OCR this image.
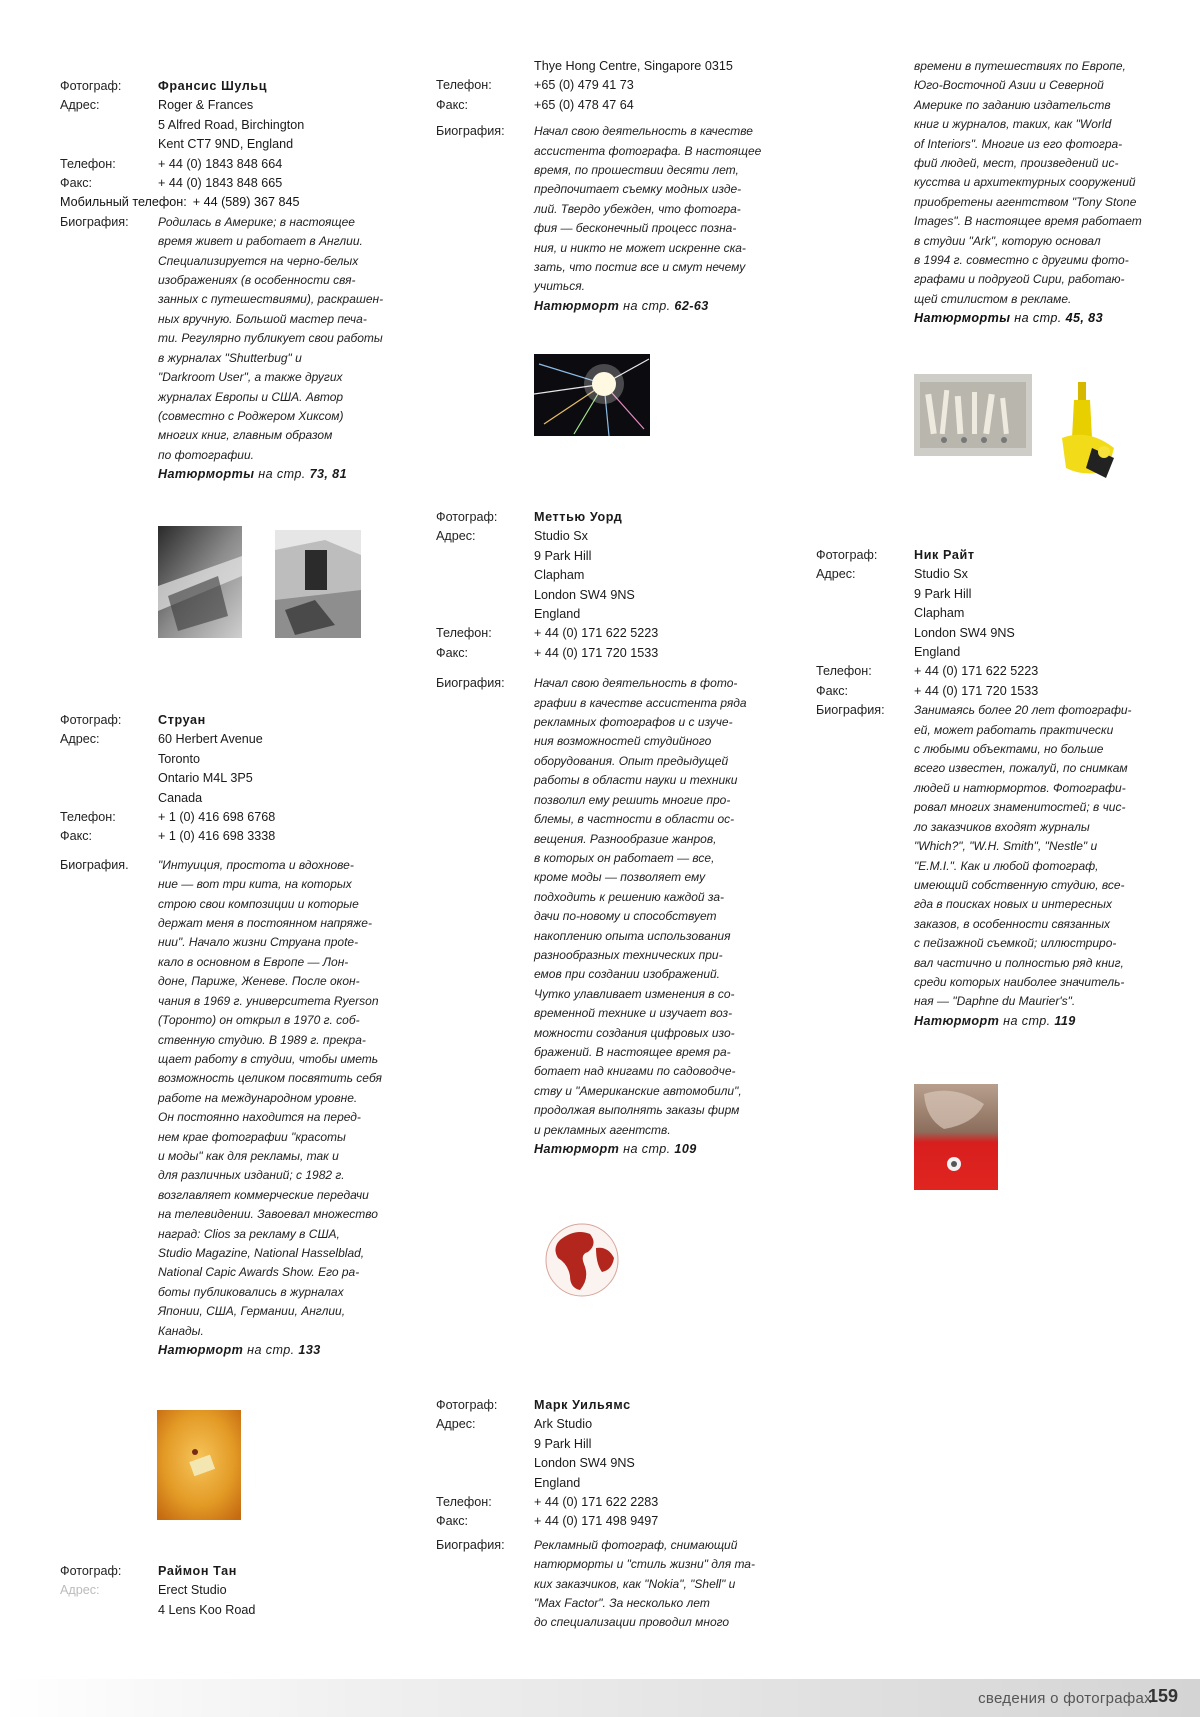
Фотограф:	Франсис Шульц
Адрес:	Roger & Frances
5 Alfred Road, Birchington
Kent CT7 9ND, England
Телефон:	+ 44 (0) 1843 848 664
Факс:	+ 44 (0) 1843 848 665
Мобильный телефон: + 44 (589) 367 845
Биография:	Родилась в Америке; в настоящее
время живет и работает в Англии.
Специализируется на черно-белых
изображениях (в особенности свя-
занных с путешествиями), раскрашен-
ных вручную. Большой мастер печа-
ти. Регулярно публикует свои работы
в журналах "Shutterbug" и
"Darkroom User", а также других
журналах Европы и США. Автор
(совместно с Роджером Хиксом)
многих книг, главным образом
по фотографии.
Натюрморты на стр. 73, 81
Фотограф:	Струан
Адрес:	60 Herbert Avenue
Toronto
Ontario M4L 3P5
Canada
Телефон:	+ 1 (0) 416 698 6768
Факс:	+ 1 (0) 416 698 3338
Биография.	"Интуиция, простота и вдохнове-
ние — вот три кита, на которых
строю свои композиции и которые
держат меня в постоянном напряже-
нии". Начало жизни Струана прote-
кало в основном в Европе — Лон-
доне, Париже, Женеве. После окон-
чания в 1969 г. университета Ryerson
(Торонто) он открыл в 1970 г. соб-
ственную студию. В 1989 г. прекра-
щает работу в студии, чтобы иметь
возможность целиком посвятить себя
работе на международном уровне.
Он постоянно находится на перед-
нем крае фотографии "красоты
и моды" как для рекламы, так и
для различных изданий; с 1982 г.
возглавляет коммерческие передачи
на телевидении. Завоевал множество
наград: Clios за рекламу в США,
Studio Magazine, National Hasselblad,
National Capic Awards Show. Его ра-
боты публиковались в журналах
Японии, США, Германии, Англии,
Канады.
Натюрморт на стр. 133
Фотограф:	Раймон Тан
Адрес:	Erect Studio
4 Lens Koo Road
Thye Hong Centre, Singapore 0315
Телефон:	+65 (0) 479 41 73
Факс:	+65 (0) 478 47 64
Биография:	Начал свою деятельность в качестве
ассистента фотографа. В настоящее
время, по прошествии десяти лет,
предпочитает съемку модных изде-
лий. Твердо убежден, что фотогра-
фия — бесконечный процесс позна-
ния, и никто не может искренне ска-
зать, что постиг все и смут нечему
учиться.
Натюрморт на стр. 62-63
Фотограф:	Меттью Уорд
Адрес:	Studio Sx
9 Park Hill
Clapham
London SW4 9NS
England
Телефон:	+ 44 (0) 171 622 5223
Факс:	+ 44 (0) 171 720 1533
Биография:	Начал свою деятельность в фото-
графии в качестве ассистента ряда
рекламных фотографов и с изуче-
ния возможностей студийного
оборудования. Опыт предыдущей
работы в области науки и техники
позволил ему решить многие про-
блемы, в частности в области ос-
вещения. Разнообразие жанров,
в которых он работает — все,
кроме моды — позволяет ему
подходить к решению каждой за-
дачи по-новому и способствует
накоплению опыта использования
разнообразных технических при-
емов при создании изображений.
Чутко улавливает изменения в со-
временной технике и изучает воз-
можности создания цифровых изо-
бражений. В настоящее время ра-
ботает над книгами по садоводче-
ству и "Американские автомобили",
продолжая выполнять заказы фирм
и рекламных агентств.
Натюрморт на стр. 109
Фотограф:	Марк Уильямс
Адрес:	Ark Studio
9 Park Hill
London SW4 9NS
England
Телефон:	+ 44 (0) 171 622 2283
Факс:	+ 44 (0) 171 498 9497
Биография:	Рекламный фотограф, снимающий
натюрморты и "стиль жизни" для та-
ких заказчиков, как "Nokia", "Shell" и
"Max Factor". За несколько лет
до специализации проводил много
времени в путешествиях по Европе,
Юго-Восточной Азии и Северной
Америке по заданию издательств
книг и журналов, таких, как "World
of Interiors". Многие из его фотогра-
фий людей, мест, произведений ис-
кусства и архитектурных сооружений
приобретены агентством "Tony Stone
Images". В настоящее время работает
в студии "Ark", которую основал
в 1994 г. совместно с другими фото-
графами и подругой Сири, работаю-
щей стилистом в рекламе.
Натюрморты на стр. 45, 83
Фотограф:	Ник Райт
Адрес:	Studio Sx
9 Park Hill
Clapham
London SW4 9NS
England
Телефон:	+ 44 (0) 171 622 5223
Факс:	+ 44 (0) 171 720 1533
Биография:	Занимаясь более 20 лет фотографи-
ей, может работать практически
с любыми объектами, но больше
всего известен, пожалуй, по снимкам
людей и натюрмортов. Фотографи-
ровал многих знаменитостей; в чис-
ло заказчиков входят журналы
"Which?", "W.H. Smith", "Nestle" и
"E.M.I.". Как и любой фотограф,
имеющий собственную студию, все-
гда в поисках новых и интересных
заказов, в особенности связанных
с пейзажной съемкой; иллюстриро-
вал частично и полностью ряд книг,
среди которых наиболее значитель-
ная — "Daphne du Maurier's".
Натюрморт на стр. 119
сведения о фотографах
159
